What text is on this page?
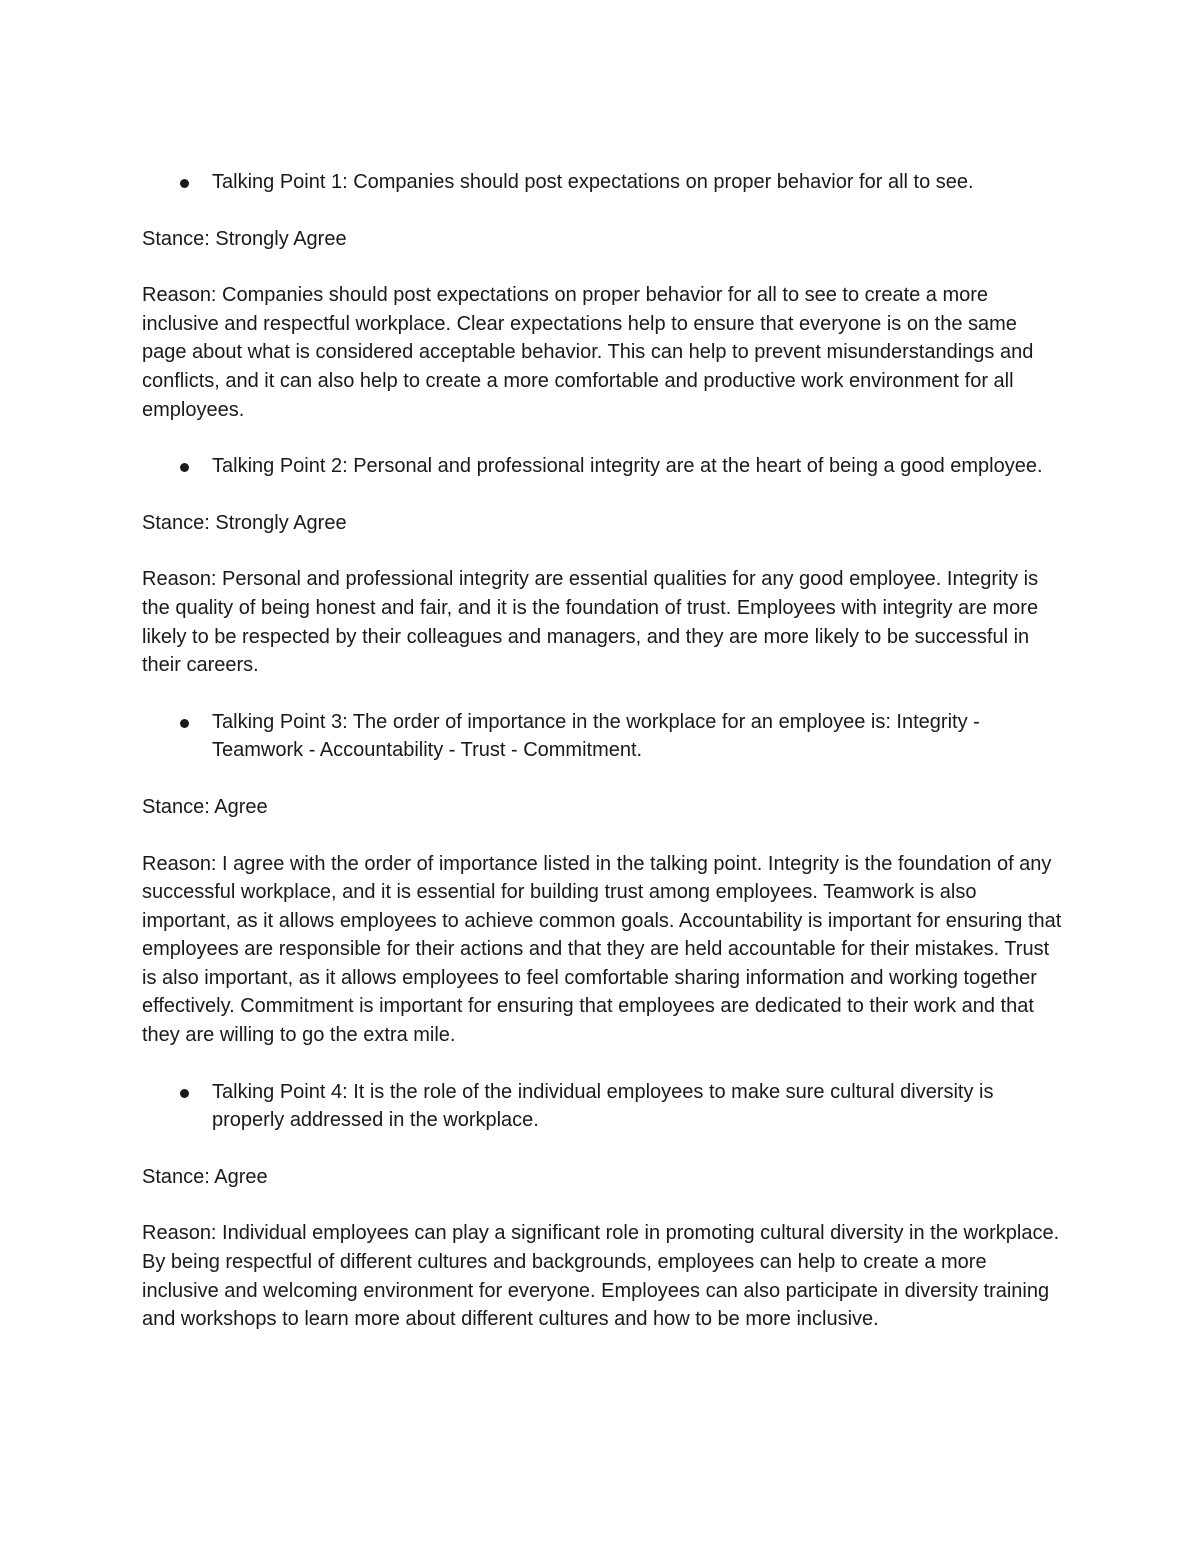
Talking Point 1: Companies should post expectations on proper behavior for all to see.

Stance: Strongly Agree

Reason: Companies should post expectations on proper behavior for all to see to create a more inclusive and respectful workplace. Clear expectations help to ensure that everyone is on the same page about what is considered acceptable behavior. This can help to prevent misunderstandings and conflicts, and it can also help to create a more comfortable and productive work environment for all employees.

Talking Point 2: Personal and professional integrity are at the heart of being a good employee.

Stance: Strongly Agree

Reason: Personal and professional integrity are essential qualities for any good employee. Integrity is the quality of being honest and fair, and it is the foundation of trust. Employees with integrity are more likely to be respected by their colleagues and managers, and they are more likely to be successful in their careers.

Talking Point 3: The order of importance in the workplace for an employee is: Integrity - Teamwork - Accountability - Trust - Commitment.

Stance: Agree

Reason: I agree with the order of importance listed in the talking point. Integrity is the foundation of any successful workplace, and it is essential for building trust among employees. Teamwork is also important, as it allows employees to achieve common goals. Accountability is important for ensuring that employees are responsible for their actions and that they are held accountable for their mistakes. Trust is also important, as it allows employees to feel comfortable sharing information and working together effectively. Commitment is important for ensuring that employees are dedicated to their work and that they are willing to go the extra mile.

Talking Point 4: It is the role of the individual employees to make sure cultural diversity is properly addressed in the workplace.

Stance: Agree

Reason: Individual employees can play a significant role in promoting cultural diversity in the workplace. By being respectful of different cultures and backgrounds, employees can help to create a more inclusive and welcoming environment for everyone. Employees can also participate in diversity training and workshops to learn more about different cultures and how to be more inclusive.
